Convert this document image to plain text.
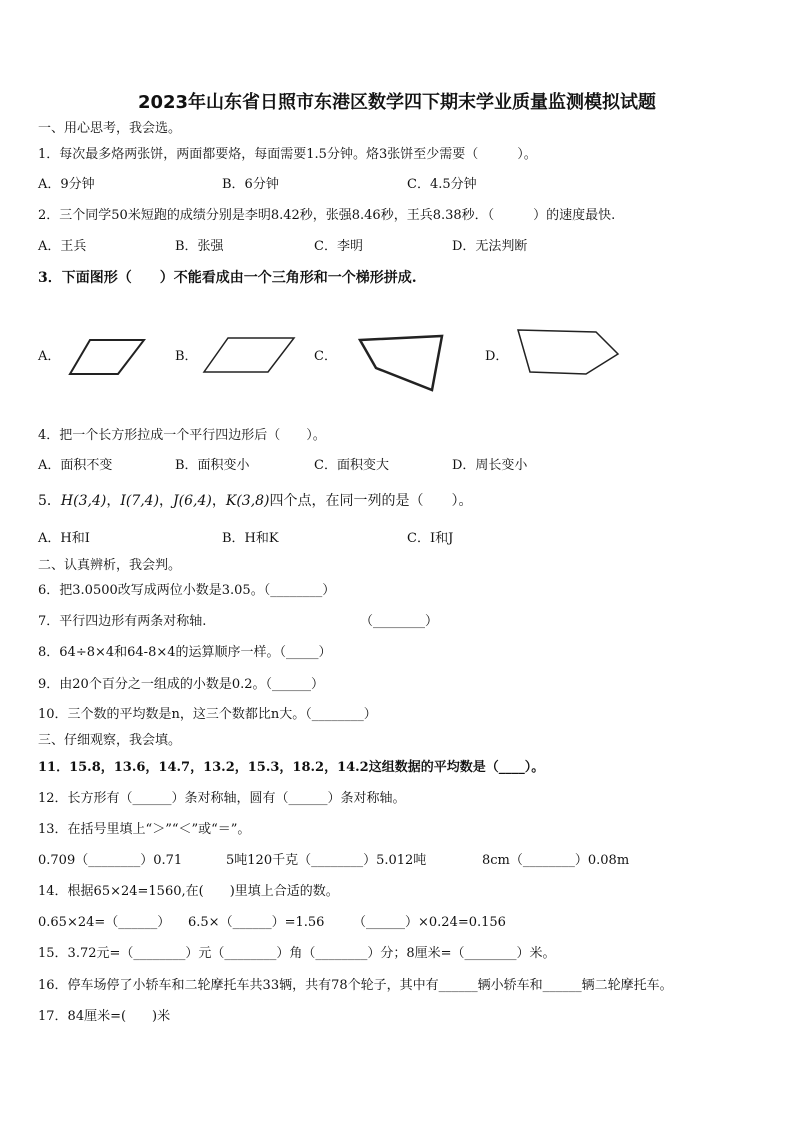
2023年山东省日照市东港区数学四下期末学业质量监测模拟试题
一、用心思考，我会选。
1．每次最多烙两张饼，两面都要烙，每面需要1.5分钟。烙3张饼至少需要（　　　）。
A．9分钟	B．6分钟	C．4.5分钟
2．三个同学50米短跑的成绩分别是李明8.42秒，张强8.46秒，王兵8.38秒．（　　　）的速度最快.
A．王兵	B．张强	C．李明	D．无法判断
3．下面图形（　　）不能看成由一个三角形和一个梯形拼成.
A．	B．	C．	D．
4．把一个长方形拉成一个平行四边形后（　　）。
A．面积不变	B．面积变小	C．面积变大	D．周长变小
5．H(3,4)，I(7,4)，J(6,4)，K(3,8)四个点，在同一列的是（　　）。
A．H和I	B．H和K	C．I和J
二、认真辨析，我会判。
6．把3.0500改写成两位小数是3.05。（________）
7．平行四边形有两条对称轴.	（________）
8．64÷8×4和64-8×4的运算顺序一样。（_____）
9．由20个百分之一组成的小数是0.2。（______）
10．三个数的平均数是n，这三个数都比n大。（________）
三、仔细观察，我会填。
11．15.8，13.6，14.7，13.2，15.3，18.2，14.2这组数据的平均数是（____）。
12．长方形有（______）条对称轴，圆有（______）条对称轴。
13．在括号里填上“＞”“＜”或“＝”。
0.709（________）0.71	5吨120千克（________）5.012吨	8cm（________）0.08m
14．根据65×24=1560,在(　　)里填上合适的数。
0.65×24=（______） 6.5×（______）=1.56 （______）×0.24=0.156
15．3.72元=（________）元（________）角（________）分；8厘米=（________）米。
16．停车场停了小轿车和二轮摩托车共33辆，共有78个轮子，其中有______辆小轿车和______辆二轮摩托车。
17．84厘米=(　　)米
